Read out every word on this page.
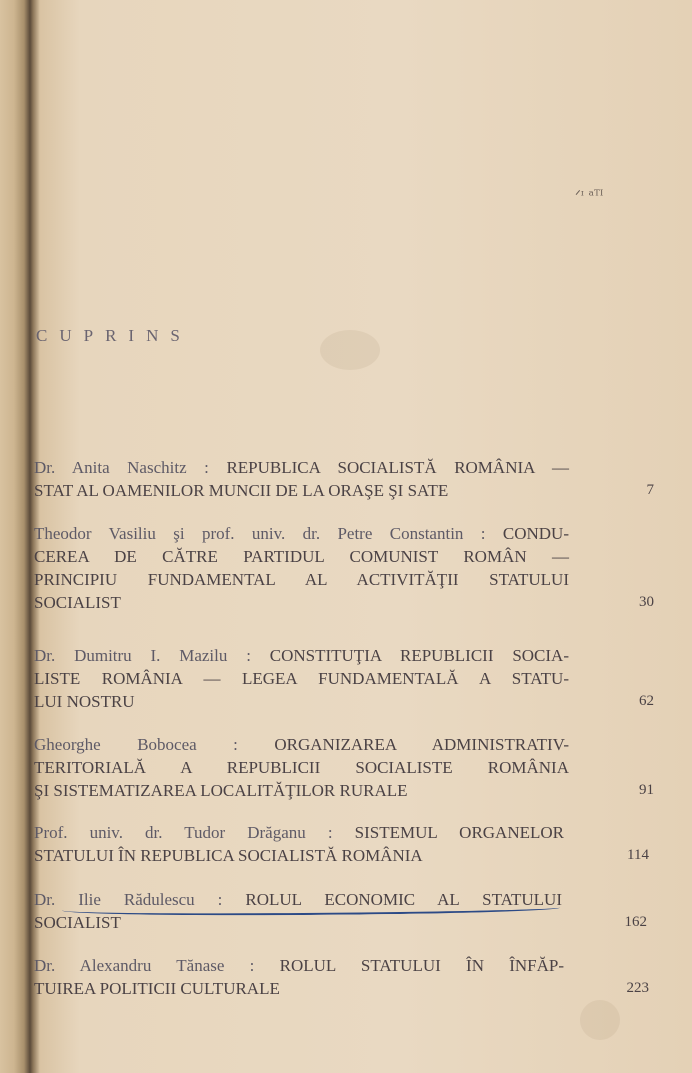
ᐟᶦ ᵃᵀᴵ
CUPRINS
Dr. Anita Naschitz : REPUBLICA SOCIALISTĂ ROMÂNIA —
STAT AL OAMENILOR MUNCII DE LA ORAŞE ŞI SATE	7
Theodor Vasiliu şi prof. univ. dr. Petre Constantin : CONDU-
CEREA DE CĂTRE PARTIDUL COMUNIST ROMÂN —
PRINCIPIU FUNDAMENTAL AL ACTIVITĂŢII STATULUI
SOCIALIST	30
Dr. Dumitru I. Mazilu : CONSTITUŢIA REPUBLICII SOCIA-
LISTE ROMÂNIA — LEGEA FUNDAMENTALĂ A STATU-
LUI NOSTRU	62
Gheorghe Bobocea : ORGANIZAREA ADMINISTRATIV-
TERITORIALĂ A REPUBLICII SOCIALISTE ROMÂNIA
ŞI SISTEMATIZAREA LOCALITĂŢILOR RURALE	91
Prof. univ. dr. Tudor Drăganu : SISTEMUL ORGANELOR
STATULUI ÎN REPUBLICA SOCIALISTĂ ROMÂNIA	114
Dr. Ilie Rădulescu : ROLUL ECONOMIC AL STATULUI
SOCIALIST	162
Dr. Alexandru Tănase : ROLUL STATULUI ÎN ÎNFĂP-
TUIREA POLITICII CULTURALE	223
